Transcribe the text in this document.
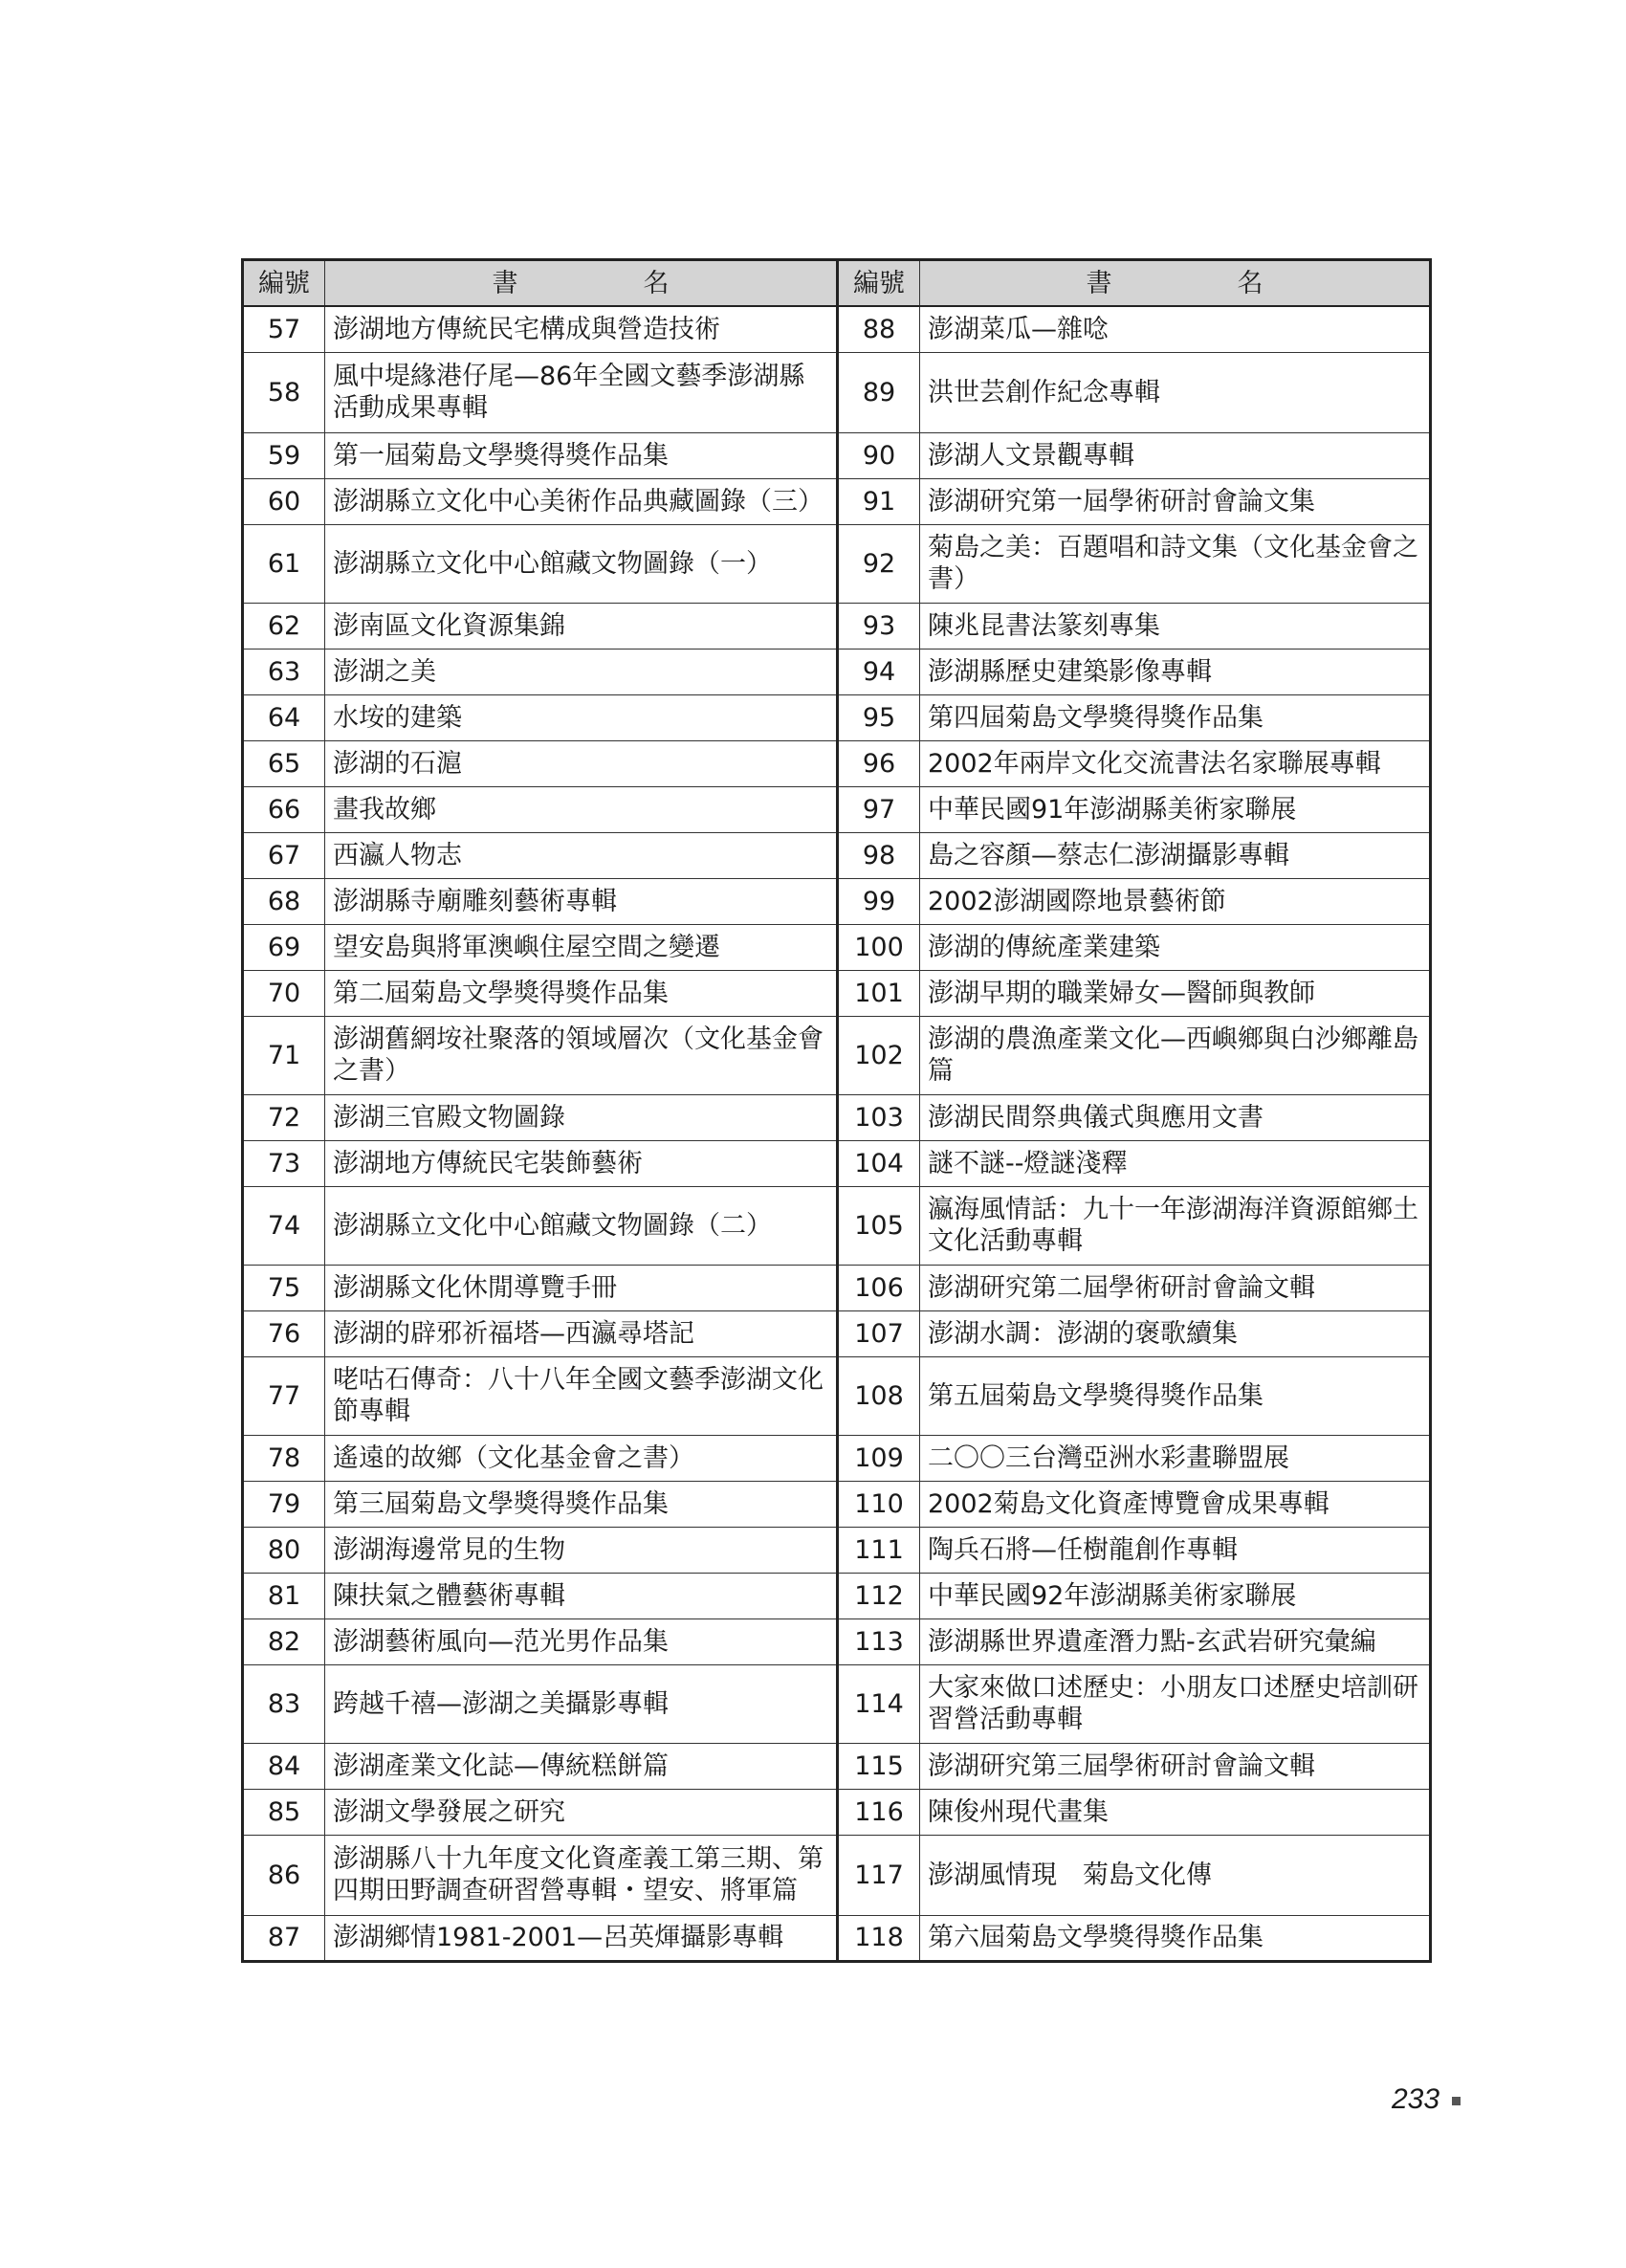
編號	書　名	編號	書　名
57	澎湖地方傳統民宅構成與營造技術	88	澎湖菜瓜—雜唸
58	風中堤緣港仔尾—86年全國文藝季澎湖縣活動成果專輯	89	洪世芸創作紀念專輯
59	第一屆菊島文學獎得獎作品集	90	澎湖人文景觀專輯
60	澎湖縣立文化中心美術作品典藏圖錄（三）	91	澎湖研究第一屆學術研討會論文集
61	澎湖縣立文化中心館藏文物圖錄（一）	92	菊島之美：百題唱和詩文集（文化基金會之書）
62	澎南區文化資源集錦	93	陳兆昆書法篆刻專集
63	澎湖之美	94	澎湖縣歷史建築影像專輯
64	水垵的建築	95	第四屆菊島文學獎得獎作品集
65	澎湖的石滬	96	2002年兩岸文化交流書法名家聯展專輯
66	畫我故鄉	97	中華民國91年澎湖縣美術家聯展
67	西瀛人物志	98	島之容顏—蔡志仁澎湖攝影專輯
68	澎湖縣寺廟雕刻藝術專輯	99	2002澎湖國際地景藝術節
69	望安島與將軍澳嶼住屋空間之變遷	100	澎湖的傳統產業建築
70	第二屆菊島文學獎得獎作品集	101	澎湖早期的職業婦女—醫師與教師
71	澎湖舊網垵社聚落的領域層次（文化基金會之書）	102	澎湖的農漁產業文化—西嶼鄉與白沙鄉離島篇
72	澎湖三官殿文物圖錄	103	澎湖民間祭典儀式與應用文書
73	澎湖地方傳統民宅裝飾藝術	104	謎不謎--燈謎淺釋
74	澎湖縣立文化中心館藏文物圖錄（二）	105	瀛海風情話：九十一年澎湖海洋資源館鄉土文化活動專輯
75	澎湖縣文化休閒導覽手冊	106	澎湖研究第二屆學術研討會論文輯
76	澎湖的辟邪祈福塔—西瀛尋塔記	107	澎湖水調：澎湖的褒歌續集
77	咾咕石傳奇：八十八年全國文藝季澎湖文化節專輯	108	第五屆菊島文學獎得獎作品集
78	遙遠的故鄉（文化基金會之書）	109	二〇〇三台灣亞洲水彩畫聯盟展
79	第三屆菊島文學獎得獎作品集	110	2002菊島文化資產博覽會成果專輯
80	澎湖海邊常見的生物	111	陶兵石將—任樹龍創作專輯
81	陳扶氣之體藝術專輯	112	中華民國92年澎湖縣美術家聯展
82	澎湖藝術風向—范光男作品集	113	澎湖縣世界遺產潛力點-玄武岩研究彙編
83	跨越千禧—澎湖之美攝影專輯	114	大家來做口述歷史：小朋友口述歷史培訓研習營活動專輯
84	澎湖產業文化誌—傳統糕餅篇	115	澎湖研究第三屆學術研討會論文輯
85	澎湖文學發展之研究	116	陳俊州現代畫集
86	澎湖縣八十九年度文化資產義工第三期、第四期田野調查研習營專輯・望安、將軍篇	117	澎湖風情現　菊島文化傳
87	澎湖鄉情1981-2001—呂英煇攝影專輯	118	第六屆菊島文學獎得獎作品集
233
